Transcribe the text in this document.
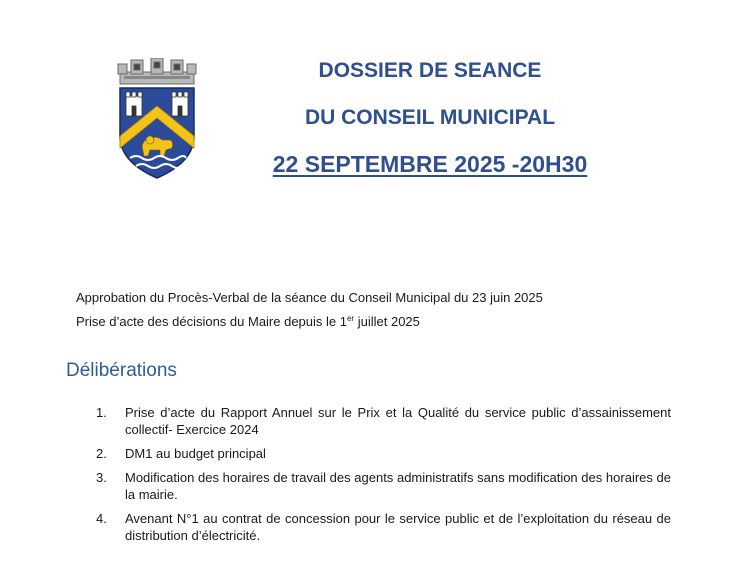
DOSSIER DE SEANCE
DU CONSEIL MUNICIPAL
22 SEPTEMBRE 2025 -20H30
Approbation du Procès-Verbal de la séance du Conseil Municipal du 23 juin 2025
Prise d’acte des décisions du Maire depuis le 1er juillet 2025
Délibérations
1.	Prise d’acte du Rapport Annuel sur le Prix et la Qualité du service public d’assainissement collectif- Exercice 2024
2.	DM1 au budget principal
3.	Modification des horaires de travail des agents administratifs sans modification des horaires de la mairie.
4.	Avenant N°1 au contrat de concession pour le service public et de l’exploitation du réseau de distribution d’électricité.
